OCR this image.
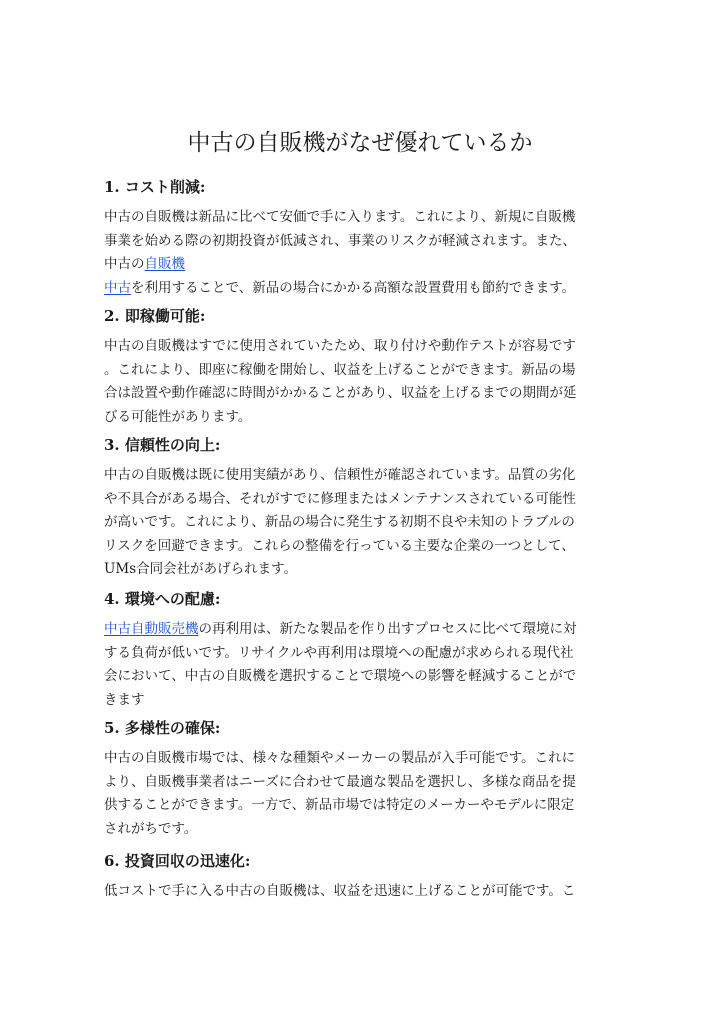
中古の自販機がなぜ優れているか
1. コスト削減:
中古の自販機は新品に比べて安価で手に入ります。これにより、新規に自販機
事業を始める際の初期投資が低減され、事業のリスクが軽減されます。また、
中古の自販機
中古を利用することで、新品の場合にかかる高額な設置費用も節約できます。
2. 即稼働可能:
中古の自販機はすでに使用されていたため、取り付けや動作テストが容易です
。これにより、即座に稼働を開始し、収益を上げることができます。新品の場
合は設置や動作確認に時間がかかることがあり、収益を上げるまでの期間が延
びる可能性があります。
3. 信頼性の向上:
中古の自販機は既に使用実績があり、信頼性が確認されています。品質の劣化
や不具合がある場合、それがすでに修理またはメンテナンスされている可能性
が高いです。これにより、新品の場合に発生する初期不良や未知のトラブルの
リスクを回避できます。これらの整備を行っている主要な企業の一つとして、
UMs合同会社があげられます。
4. 環境への配慮:
中古自動販売機の再利用は、新たな製品を作り出すプロセスに比べて環境に対
する負荷が低いです。リサイクルや再利用は環境への配慮が求められる現代社
会において、中古の自販機を選択することで環境への影響を軽減することがで
きます
5. 多様性の確保:
中古の自販機市場では、様々な種類やメーカーの製品が入手可能です。これに
より、自販機事業者はニーズに合わせて最適な製品を選択し、多様な商品を提
供することができます。一方で、新品市場では特定のメーカーやモデルに限定
されがちです。
6. 投資回収の迅速化:
低コストで手に入る中古の自販機は、収益を迅速に上げることが可能です。こ
